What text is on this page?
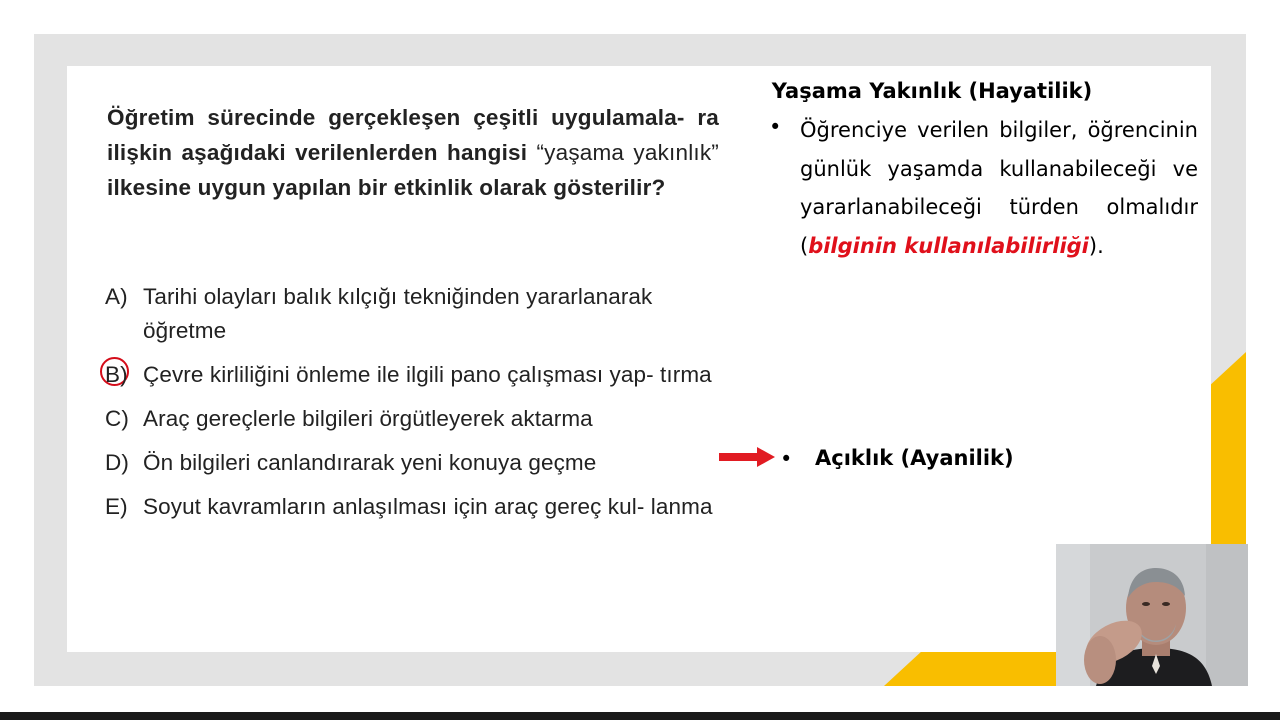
Öğretim sürecinde gerçekleşen çeşitli uygulamala- ra ilişkin aşağıdaki verilenlerden hangisi “yaşama yakınlık” ilkesine uygun yapılan bir etkinlik olarak gösterilir?

A) Tarihi olayları balık kılçığı tekniğinden yararlanarak öğretme
B) Çevre kirliliğini önleme ile ilgili pano çalışması yap- tırma
C) Araç gereçlerle bilgileri örgütleyerek aktarma
D) Ön bilgileri canlandırarak yeni konuya geçme
E) Soyut kavramların anlaşılması için araç gereç kul- lanma
Yaşama Yakınlık (Hayatilik)
• Öğrenciye verilen bilgiler, öğrencinin günlük yaşamda kullanabileceği ve yararlanabileceği türden olmalıdır (bilginin kullanılabilirliği).

• Açıklık (Ayanilik)
